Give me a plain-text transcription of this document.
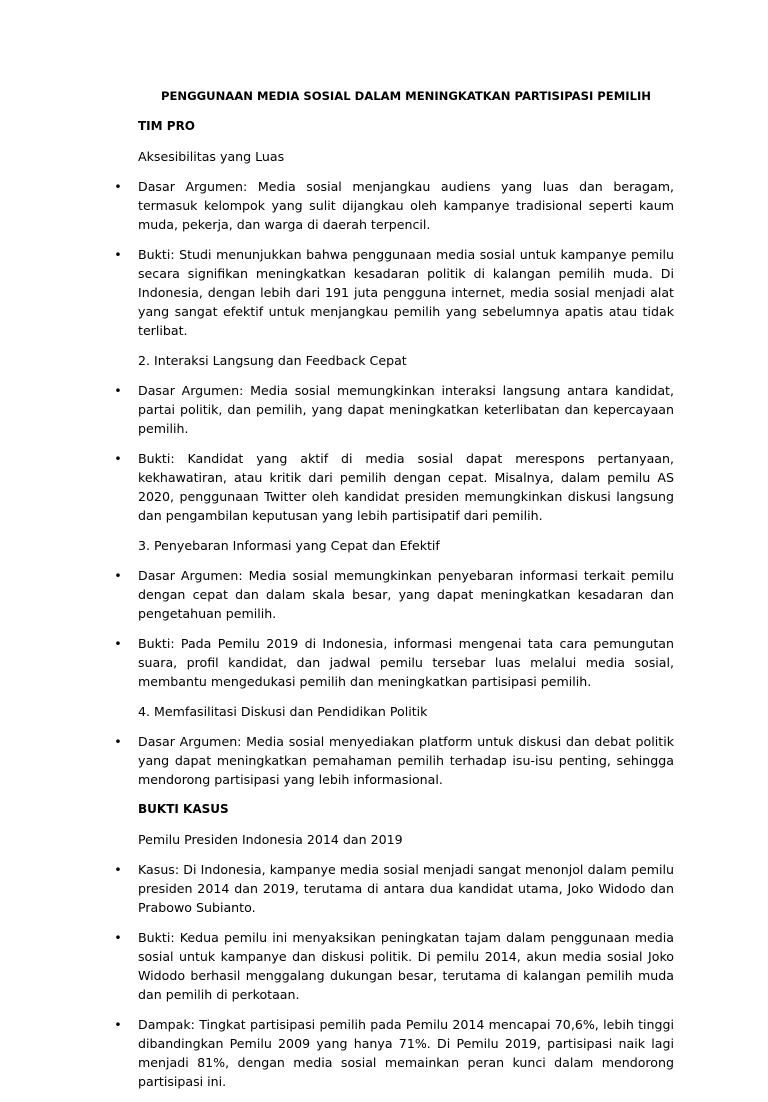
PENGGUNAAN MEDIA SOSIAL DALAM MENINGKATKAN PARTISIPASI PEMILIH
TIM PRO
Aksesibilitas yang Luas
• Dasar Argumen: Media sosial menjangkau audiens yang luas dan beragam, termasuk kelompok yang sulit dijangkau oleh kampanye tradisional seperti kaum muda, pekerja, dan warga di daerah terpencil.
• Bukti: Studi menunjukkan bahwa penggunaan media sosial untuk kampanye pemilu secara signifikan meningkatkan kesadaran politik di kalangan pemilih muda. Di Indonesia, dengan lebih dari 191 juta pengguna internet, media sosial menjadi alat yang sangat efektif untuk menjangkau pemilih yang sebelumnya apatis atau tidak terlibat.
2. Interaksi Langsung dan Feedback Cepat
• Dasar Argumen: Media sosial memungkinkan interaksi langsung antara kandidat, partai politik, dan pemilih, yang dapat meningkatkan keterlibatan dan kepercayaan pemilih.
• Bukti: Kandidat yang aktif di media sosial dapat merespons pertanyaan, kekhawatiran, atau kritik dari pemilih dengan cepat. Misalnya, dalam pemilu AS 2020, penggunaan Twitter oleh kandidat presiden memungkinkan diskusi langsung dan pengambilan keputusan yang lebih partisipatif dari pemilih.
3. Penyebaran Informasi yang Cepat dan Efektif
• Dasar Argumen: Media sosial memungkinkan penyebaran informasi terkait pemilu dengan cepat dan dalam skala besar, yang dapat meningkatkan kesadaran dan pengetahuan pemilih.
• Bukti: Pada Pemilu 2019 di Indonesia, informasi mengenai tata cara pemungutan suara, profil kandidat, dan jadwal pemilu tersebar luas melalui media sosial, membantu mengedukasi pemilih dan meningkatkan partisipasi pemilih.
4. Memfasilitasi Diskusi dan Pendidikan Politik
• Dasar Argumen: Media sosial menyediakan platform untuk diskusi dan debat politik yang dapat meningkatkan pemahaman pemilih terhadap isu-isu penting, sehingga mendorong partisipasi yang lebih informasional.
BUKTI KASUS
Pemilu Presiden Indonesia 2014 dan 2019
• Kasus: Di Indonesia, kampanye media sosial menjadi sangat menonjol dalam pemilu presiden 2014 dan 2019, terutama di antara dua kandidat utama, Joko Widodo dan Prabowo Subianto.
• Bukti: Kedua pemilu ini menyaksikan peningkatan tajam dalam penggunaan media sosial untuk kampanye dan diskusi politik. Di pemilu 2014, akun media sosial Joko Widodo berhasil menggalang dukungan besar, terutama di kalangan pemilih muda dan pemilih di perkotaan.
• Dampak: Tingkat partisipasi pemilih pada Pemilu 2014 mencapai 70,6%, lebih tinggi dibandingkan Pemilu 2009 yang hanya 71%. Di Pemilu 2019, partisipasi naik lagi menjadi 81%, dengan media sosial memainkan peran kunci dalam mendorong partisipasi ini.
